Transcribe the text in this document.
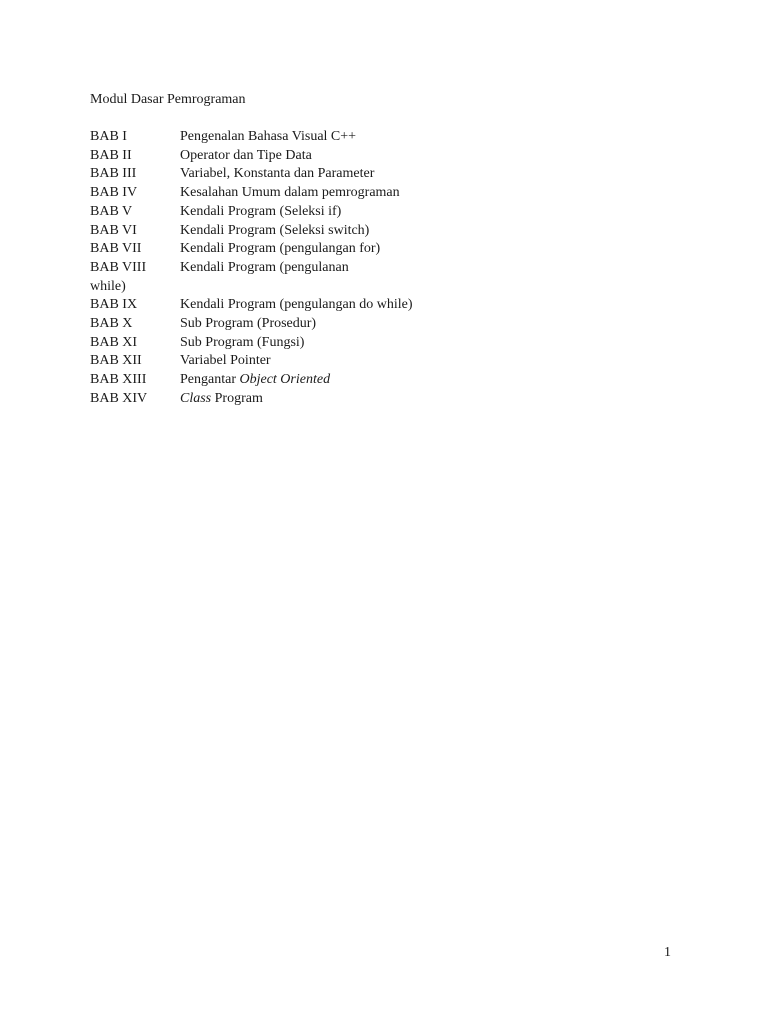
Modul Dasar Pemrograman
BAB I	Pengenalan Bahasa Visual C++
BAB II	Operator dan Tipe Data
BAB III	Variabel, Konstanta dan Parameter
BAB IV	Kesalahan Umum dalam pemrograman
BAB V	Kendali Program (Seleksi if)
BAB VI	Kendali Program (Seleksi switch)
BAB VII	Kendali Program (pengulangan for)
BAB VIII	Kendali Program (pengulanan
while)
BAB IX	Kendali Program (pengulangan do while)
BAB X	Sub Program (Prosedur)
BAB XI	Sub Program (Fungsi)
BAB XII	Variabel Pointer
BAB XIII	Pengantar Object Oriented
BAB XIV	Class Program
1
